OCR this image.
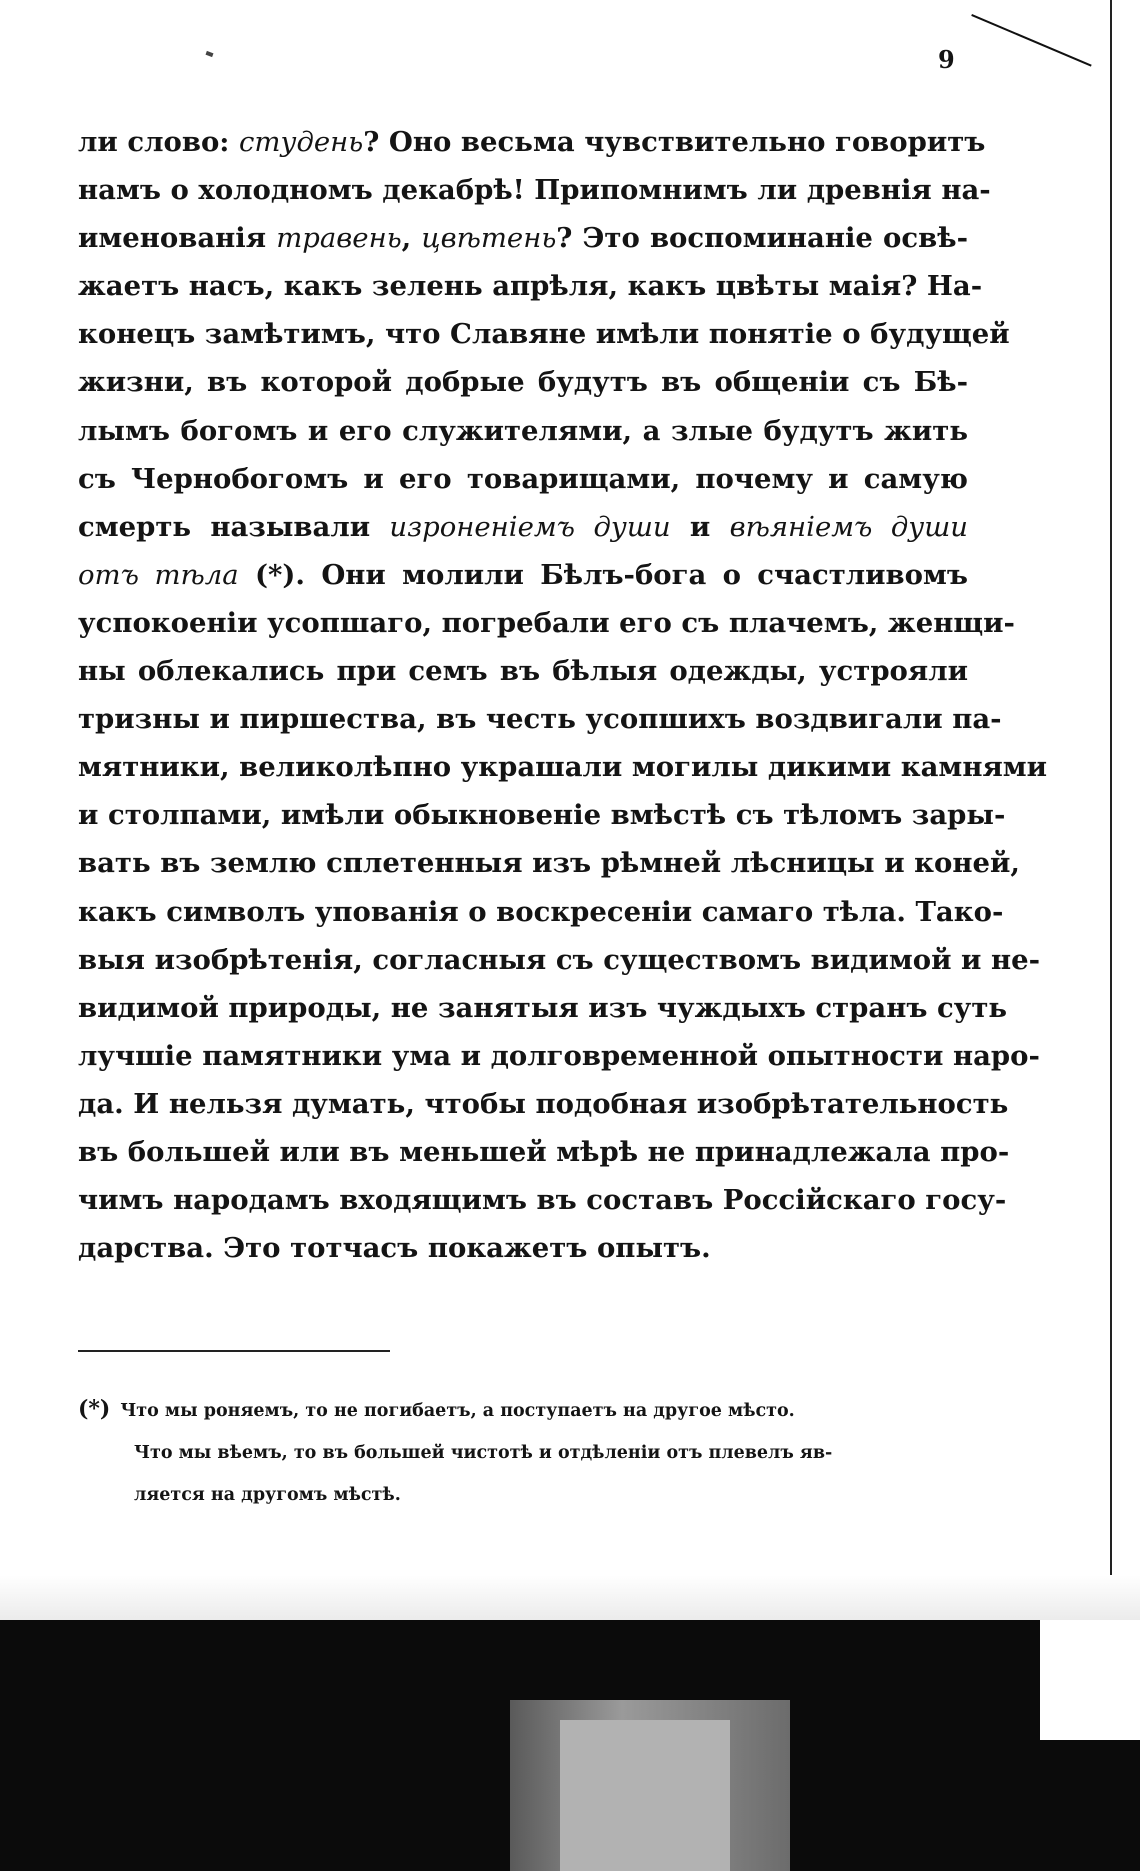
9
ли слово: студень? Оно весьма чувствительно говоритъ
намъ о холодномъ декабрѣ! Припомнимъ ли древнія на-
именованія травень, цвѣтень? Это воспоминаніе освѣ-
жаетъ насъ, какъ зелень апрѣля, какъ цвѣты маія? На-
конецъ замѣтимъ, что Славяне имѣли понятіе о будущей
жизни, въ которой добрые будутъ въ общеніи съ Бѣ-
лымъ богомъ и его служителями, а злые будутъ жить
съ Чернобогомъ и его товарищами, почему и самую
смерть называли изроненіемъ души и вѣяніемъ души
отъ тѣла (*). Они молили Бѣлъ-бога о счастливомъ
успокоеніи усопшаго, погребали его съ плачемъ, женщи-
ны облекались при семъ въ бѣлыя одежды, устрояли
тризны и пиршества, въ честь усопшихъ воздвигали па-
мятники, великолѣпно украшали могилы дикими камнями
и столпами, имѣли обыкновеніе вмѣстѣ съ тѣломъ зары-
вать въ землю сплетенныя изъ рѣмней лѣсницы и коней,
какъ символъ упованія о воскресеніи самаго тѣла. Тако-
выя изобрѣтенія, согласныя съ существомъ видимой и не-
видимой природы, не занятыя изъ чуждыхъ странъ суть
лучшіе памятники ума и долговременной опытности наро-
да. И нельзя думать, чтобы подобная изобрѣтательность
въ большей или въ меньшей мѣрѣ не принадлежала про-
чимъ народамъ входящимъ въ составъ Россійскаго госу-
дарства. Это тотчасъ покажетъ опытъ.
(*) Что мы роняемъ, то не погибаетъ, а поступаетъ на другое мѣсто.
Что мы вѣемъ, то въ большей чистотѣ и отдѣленіи отъ плевелъ яв-
ляется на другомъ мѣстѣ.
